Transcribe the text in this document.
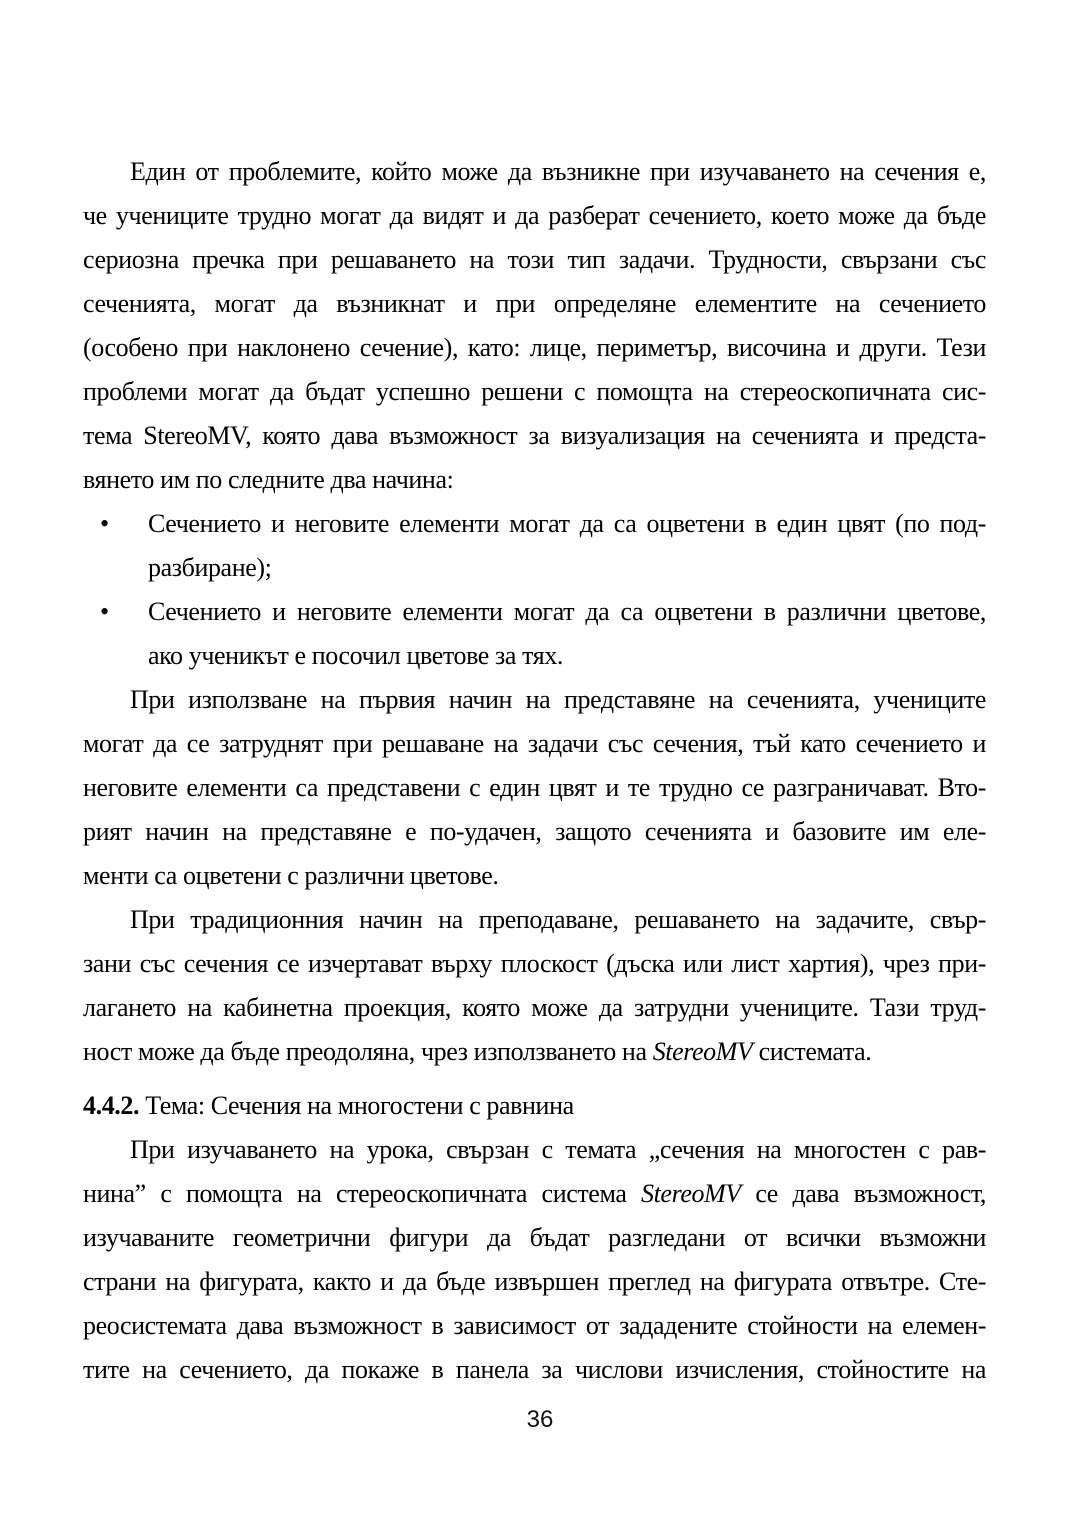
Един от проблемите, който може да възникне при изучаването на сечения е,
че учениците трудно могат да видят и да разберат сечението, което може да бъде
сериозна пречка при решаването на този тип задачи. Трудности, свързани със
сеченията, могат да възникнат и при определяне елементите на сечението
(особено при наклонено сечение), като: лице, периметър, височина и други. Тези
проблеми могат да бъдат успешно решени с помощта на стереоскопичната сис-
тема StereoMV, която дава възможност за визуализация на сеченията и предста-
вянето им по следните два начина:
• Сечението и неговите елементи могат да са оцветени в един цвят (по под-
разбиране);
• Сечението и неговите елементи могат да са оцветени в различни цветове,
ако ученикът е посочил цветове за тях.
При използване на първия начин на представяне на сеченията, учениците
могат да се затруднят при решаване на задачи със сечения, тъй като сечението и
неговите елементи са представени с един цвят и те трудно се разграничават. Вто-
рият начин на представяне е по-удачен, защото сеченията и базовите им еле-
менти са оцветени с различни цветове.
При традиционния начин на преподаване, решаването на задачите, свър-
зани със сечения се изчертават върху плоскост (дъска или лист хартия), чрез при-
лагането на кабинетна проекция, която може да затрудни учениците. Тази труд-
ност може да бъде преодоляна, чрез използването на StereoMV системата.
4.4.2. Тема: Сечения на многостени с равнина
При изучаването на урока, свързан с темата „сечения на многостен с рав-
нина” с помощта на стереоскопичната система StereoMV се дава възможност,
изучаваните геометрични фигури да бъдат разгледани от всички възможни
страни на фигурата, както и да бъде извършен преглед на фигурата отвътре. Сте-
реосистемата дава възможност в зависимост от зададените стойности на елемен-
тите на сечението, да покаже в панела за числови изчисления, стойностите на
36
